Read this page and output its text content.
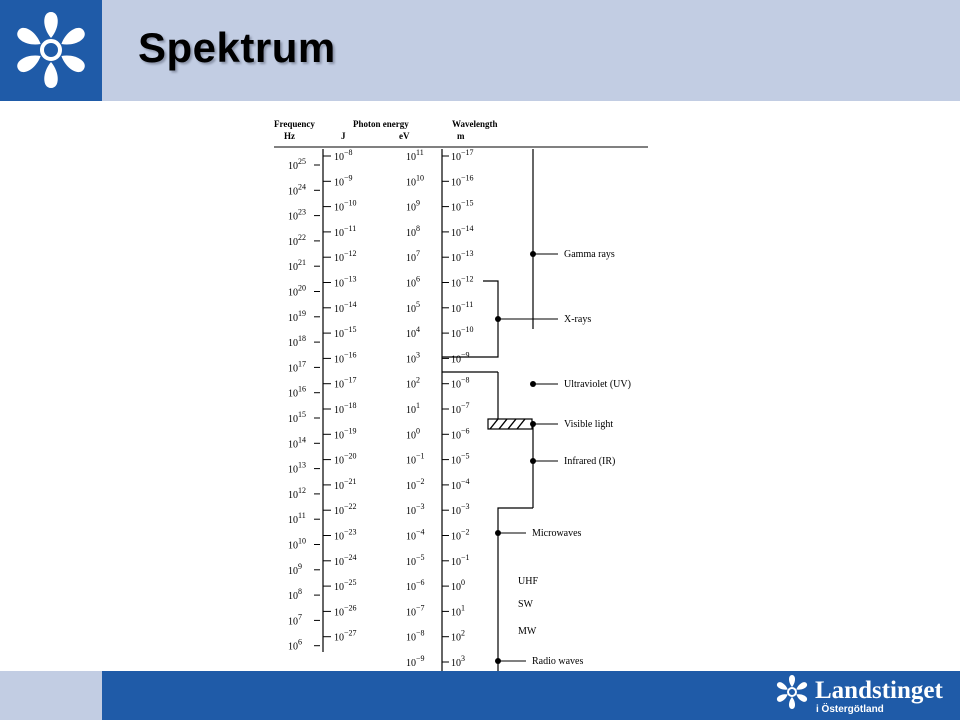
Spektrum
Frequency
Hz
Photon energy
J	eV
Wavelength
m
$10^{25}$
$10^{24}$
$10^{23}$
$10^{22}$
$10^{21}$
$10^{20}$
$10^{19}$
$10^{18}$
$10^{17}$
$10^{16}$
$10^{15}$
$10^{14}$
$10^{13}$
$10^{12}$
$10^{11}$
$10^{10}$
$10^9$
$10^8$
$10^7$
$10^6$
$10^{-8}$
$10^{-9}$
$10^{-10}$
$10^{-11}$
$10^{-12}$
$10^{-13}$
$10^{-14}$
$10^{-15}$
$10^{-16}$
$10^{-17}$
$10^{-18}$
$10^{-19}$
$10^{-20}$
$10^{-21}$
$10^{-22}$
$10^{-23}$
$10^{-24}$
$10^{-25}$
$10^{-26}$
$10^{-27}$
$10^{11}$
$10^{10}$
$10^9$
$10^8$
$10^7$
$10^6$
$10^5$
$10^4$
$10^3$
$10^2$
$10^1$
$10^0$
$10^{-1}$
$10^{-2}$
$10^{-3}$
$10^{-4}$
$10^{-5}$
$10^{-6}$
$10^{-7}$
$10^{-8}$
$10^{-9}$
$10^{-17}$
$10^{-16}$
$10^{-15}$
$10^{-14}$
$10^{-13}$
$10^{-12}$
$10^{-11}$
$10^{-10}$
$10^{-9}$
$10^{-8}$
$10^{-7}$
$10^{-6}$
$10^{-5}$
$10^{-4}$
$10^{-3}$
$10^{-2}$
$10^{-1}$
$10^0$
$10^1$
$10^2$
$10^3$
Gamma rays
X-rays
Ultraviolet (UV)
Visible light
Infrared (IR)
Microwaves
UHF
SW
MW
Radio waves
Landstinget
i Östergötland
